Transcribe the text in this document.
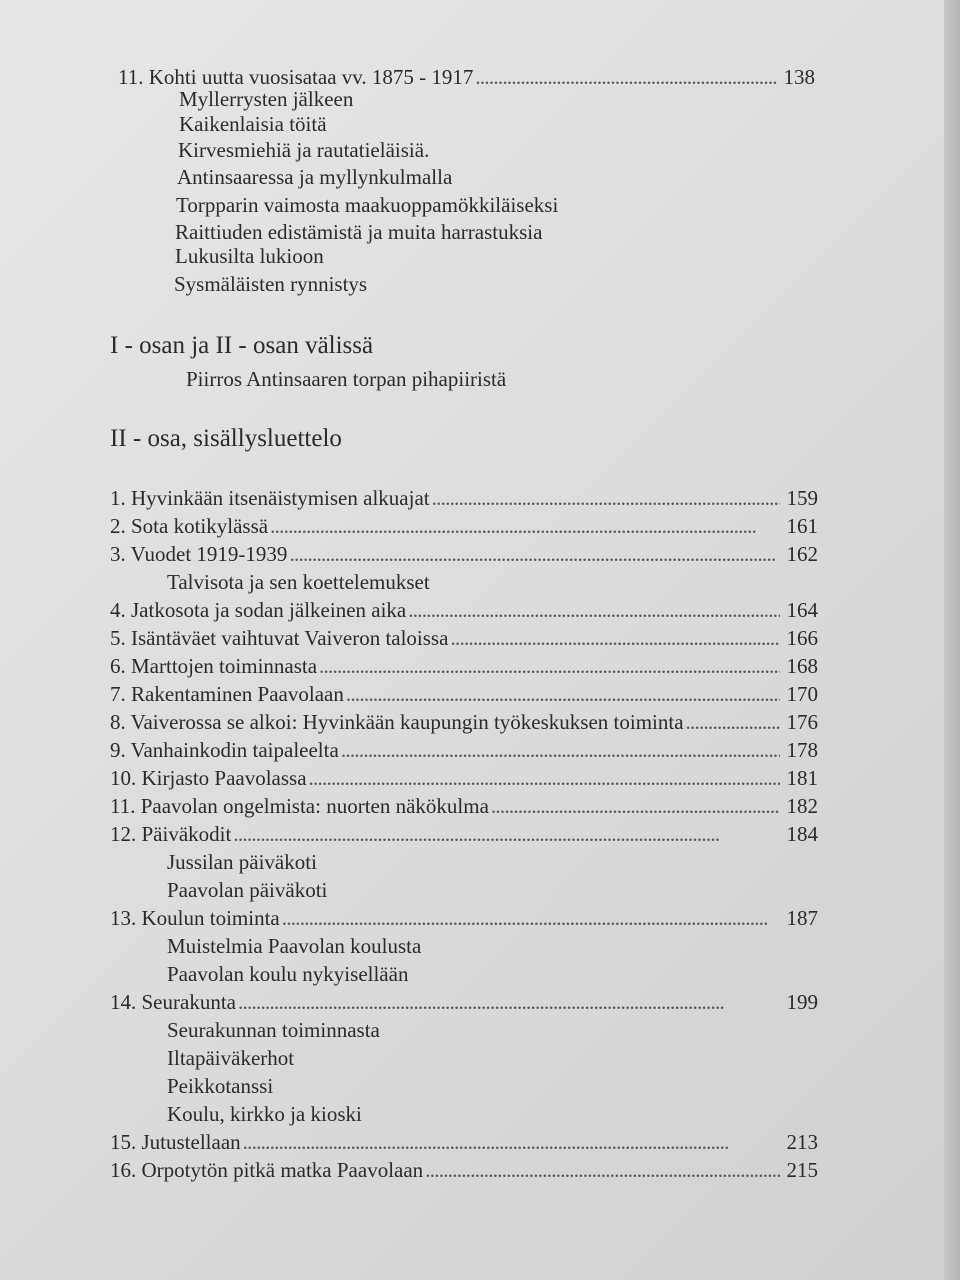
11. Kohti uutta vuosisataa vv. 1875 - 1917 . . .	138
Myllerrysten jälkeen
Kaikenlaisia töitä
Kirvesmiehiä ja rautatieläisiä.
Antinsaaressa ja myllynkulmalla
Torpparin vaimosta maakuoppamökkiläiseksi
Raittiuden edistämistä ja muita harrastuksia
Lukusilta lukioon
Sysmäläisten rynnistys
I - osan ja II - osan välissä
Piirros Antinsaaren torpan pihapiiristä
II - osa, sisällysluettelo
1. Hyvinkään itsenäistymisen alkuajat . . .	159
2. Sota kotikylässä . . .	161
3. Vuodet 1919-1939 . . .	162
Talvisota ja sen koettelemukset
4. Jatkosota ja sodan jälkeinen aika . . .	164
5. Isäntäväet vaihtuvat Vaiveron taloissa . . .	166
6. Marttojen toiminnasta . . .	168
7. Rakentaminen Paavolaan . . .	170
8. Vaiverossa se alkoi: Hyvinkään kaupungin työkeskuksen toiminta . . .	176
9. Vanhainkodin taipaleelta . . .	178
10. Kirjasto Paavolassa . . .	181
11. Paavolan ongelmista: nuorten näkökulma . . .	182
12. Päiväkodit . . .	184
Jussilan päiväkoti
Paavolan päiväkoti
13. Koulun toiminta . . .	187
Muistelmia Paavolan koulusta
Paavolan koulu nykyisellään
14. Seurakunta . . .	199
Seurakunnan toiminnasta
Iltapäiväkerhot
Peikkotanssi
Koulu, kirkko ja kioski
15. Jutustellaan . . .	213
16. Orpotytön pitkä matka Paavolaan . . .	215
